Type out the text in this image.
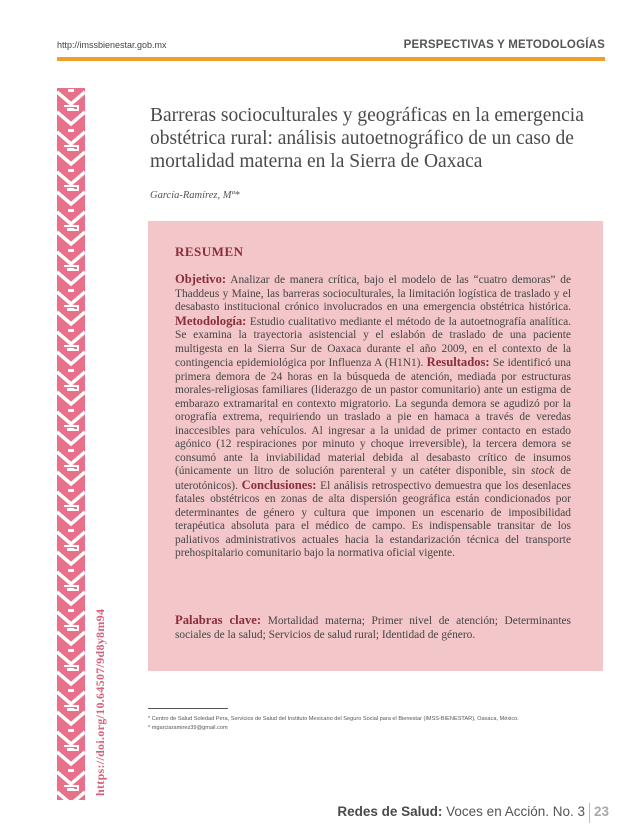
http://imssbienestar.gob.mx	PERSPECTIVAS Y METODOLOGÍAS
https://doi.org/10.64507/9d8y8m94
Barreras socioculturales y geográficas en la emergencia obstétrica rural: análisis autoetnográfico de un caso de mortalidad materna en la Sierra de Oaxaca
García-Ramírez, Mª*
RESUMEN

Objetivo: Analizar de manera crítica, bajo el modelo de las “cuatro demoras” de Thaddeus y Maine, las barreras socioculturales, la limitación logística de traslado y el desabasto institucional crónico involucrados en una emergencia obstétrica histórica. Metodología: Estudio cualitativo mediante el método de la autoetnografía analítica. Se examina la trayectoria asistencial y el eslabón de traslado de una paciente multigesta en la Sierra Sur de Oaxaca durante el año 2009, en el contexto de la contingencia epidemiológica por Influenza A (H1N1). Resultados: Se identificó una primera demora de 24 horas en la búsqueda de atención, mediada por estructuras morales-religiosas familiares (liderazgo de un pastor comunitario) ante un estigma de embarazo extramarital en contexto migratorio. La segunda demora se agudizó por la orografía extrema, requiriendo un traslado a pie en hamaca a través de veredas inaccesibles para vehículos. Al ingresar a la unidad de primer contacto en estado agónico (12 respiraciones por minuto y choque irreversible), la tercera demora se consumó ante la inviabilidad material debida al desabasto crítico de insumos (únicamente un litro de solución parenteral y un catéter disponible, sin stock de uterotónicos). Conclusiones: El análisis retrospectivo demuestra que los desenlaces fatales obstétricos en zonas de alta dispersión geográfica están condicionados por determinantes de género y cultura que imponen un escenario de imposibilidad terapéutica absoluta para el médico de campo. Es indispensable transitar de los paliativos administrativos actuales hacia la estandarización técnica del transporte prehospitalario comunitario bajo la normativa oficial vigente.

Palabras clave: Mortalidad materna; Primer nivel de atención; Determinantes sociales de la salud; Servicios de salud rural; Identidad de género.

* Centro de Salud Soledad Pera, Servicios de Salud del Instituto Mexicano del Seguro Social para el Bienestar (IMSS-BIENESTAR), Oaxaca, México.
* mgarciaramirez39@gmail.com
Redes de Salud: Voces en Acción. No. 3 23
